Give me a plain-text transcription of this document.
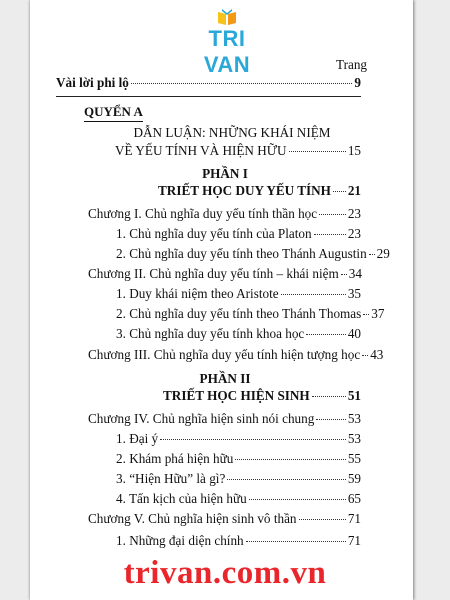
TRI VAN	Trang
Vài lời phi lộ	9
QUYỂN A
DẪN LUẬN: NHỮNG KHÁI NIỆM
VỀ YẾU TÍNH VÀ HIỆN HỮU	15
PHẦN I
TRIẾT HỌC DUY YẾU TÍNH 21
Chương I. Chủ nghĩa duy yếu tính thần học 23
1. Chủ nghĩa duy yếu tính của Platon	23
2. Chủ nghĩa duy yếu tính theo Thánh Augustin 29
Chương II. Chủ nghĩa duy yếu tính – khái niệm 34
1. Duy khái niệm theo Aristote	35
2. Chủ nghĩa duy yếu tính theo Thánh Thomas 37
3. Chủ nghĩa duy yếu tính khoa học	40
Chương III. Chủ nghĩa duy yếu tính hiện tượng học 43
PHẦN II
TRIẾT HỌC HIỆN SINH	51
Chương IV. Chủ nghĩa hiện sinh nói chung	53
1. Đại ý	53
2. Khám phá hiện hữu	55
3. “Hiện Hữu” là gì?	59
4. Tấn kịch của hiện hữu	65
Chương V. Chủ nghĩa hiện sinh vô thần	71
1. Những đại diện chính	71
trivan.com.vn
